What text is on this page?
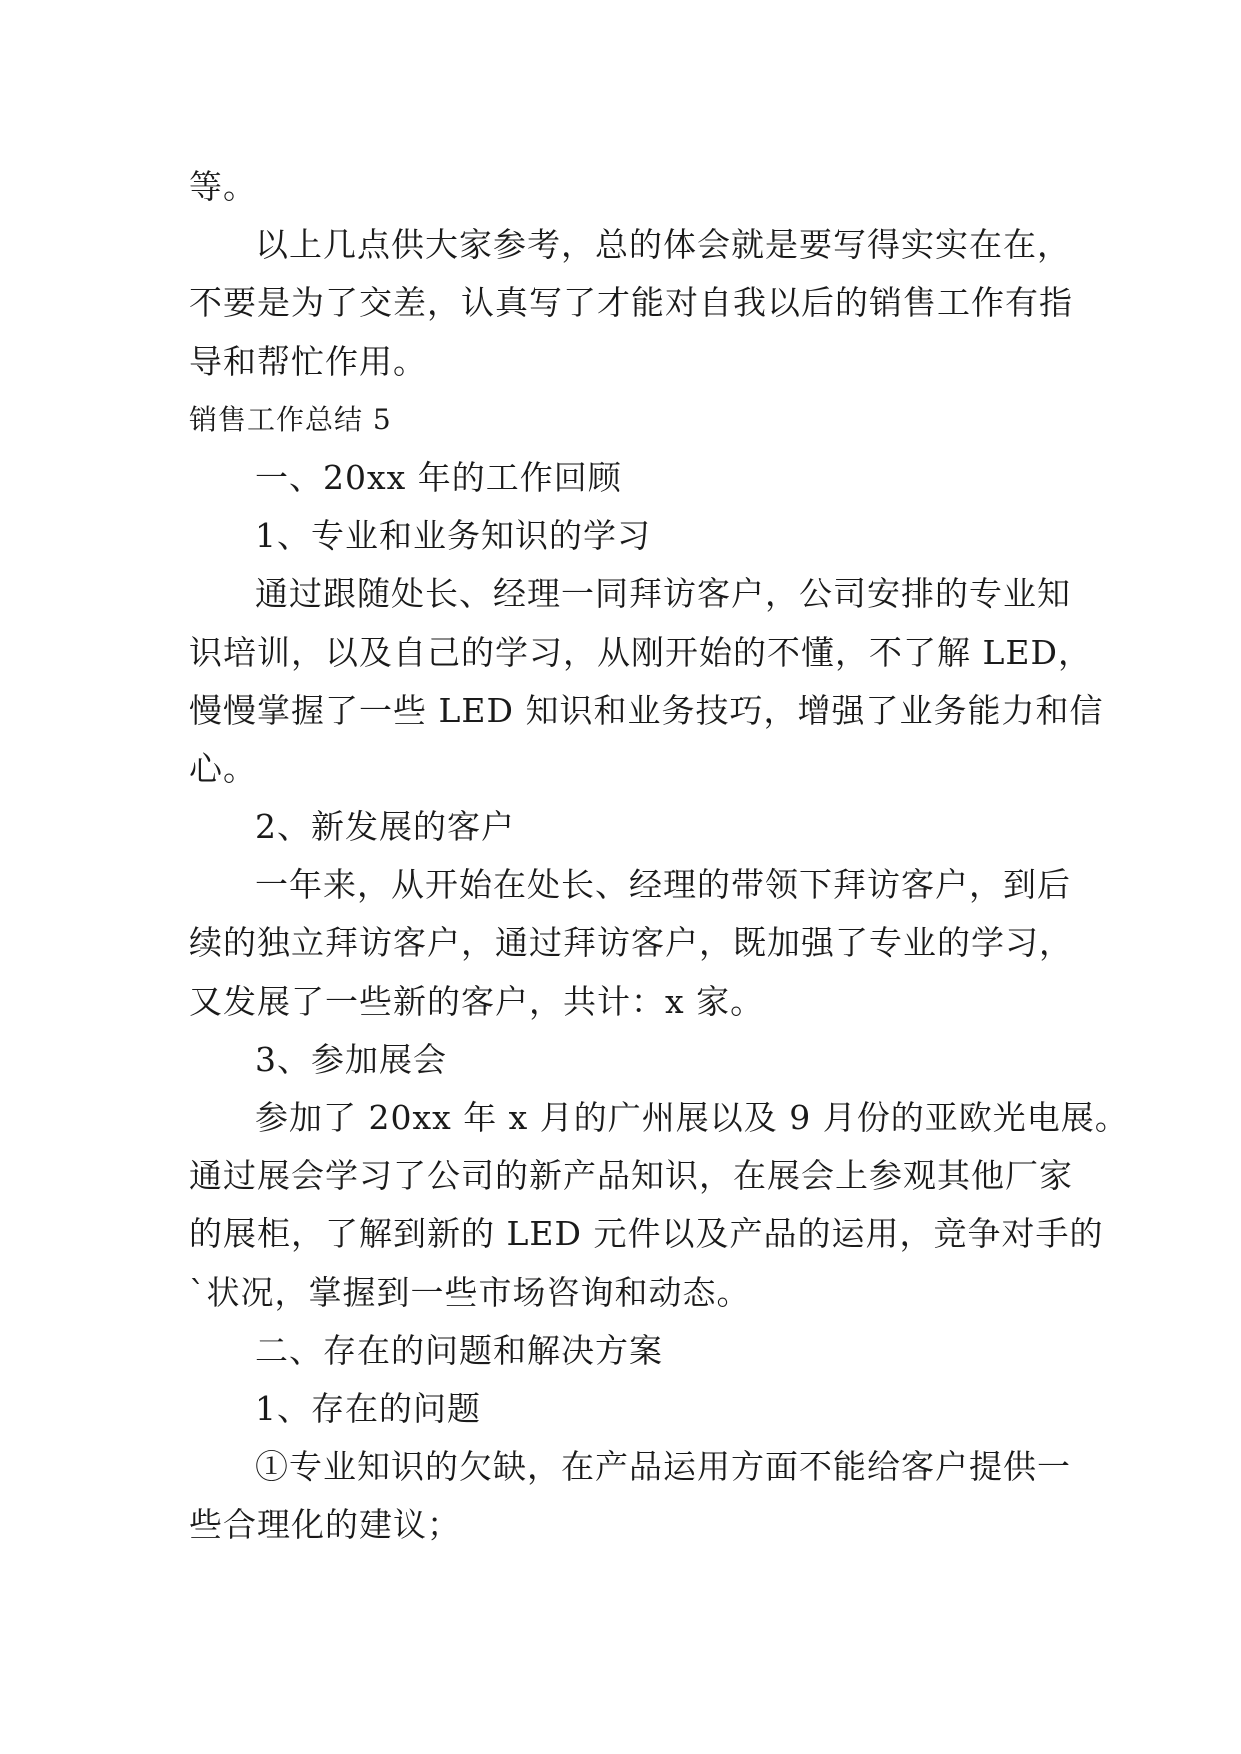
等。
以上几点供大家参考，总的体会就是要写得实实在在，
不要是为了交差，认真写了才能对自我以后的销售工作有指
导和帮忙作用。
销售工作总结 5
一、20xx 年的工作回顾
1、专业和业务知识的学习
通过跟随处长、经理一同拜访客户，公司安排的专业知
识培训，以及自己的学习，从刚开始的不懂，不了解 LED，
慢慢掌握了一些 LED 知识和业务技巧，增强了业务能力和信
心。
2、新发展的客户
一年来，从开始在处长、经理的带领下拜访客户，到后
续的独立拜访客户，通过拜访客户，既加强了专业的学习，
又发展了一些新的客户，共计：x 家。
3、参加展会
参加了 20xx 年 x 月的广州展以及 9 月份的亚欧光电展。
通过展会学习了公司的新产品知识，在展会上参观其他厂家
的展柜，了解到新的 LED 元件以及产品的运用，竞争对手的
`状况，掌握到一些市场咨询和动态。
二、存在的问题和解决方案
1、存在的问题
①专业知识的欠缺，在产品运用方面不能给客户提供一
些合理化的建议；
